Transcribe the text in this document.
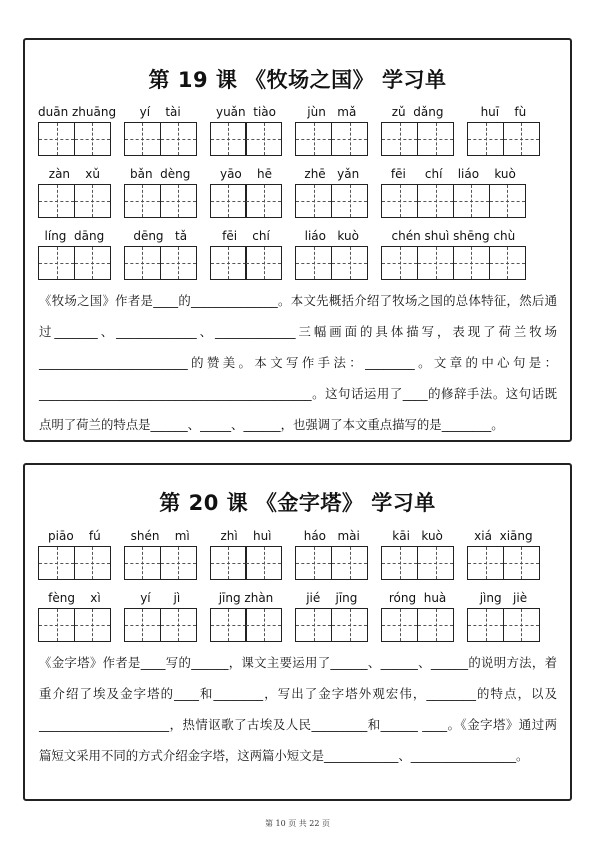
第 19 课 《牧场之国》 学习单
duān zhuāng	yí    tài	yuǎn  tiào	jùn   mǎ	zǔ  dǎng	huī    fù
zàn    xǔ	bǎn  dèng	yāo    hē	zhē   yǎn	fēi     chí    liáo    kuò
líng  dāng	dēng   tǎ	fēi    chí	liáo   kuò	chén shuì shēng chù
《牧场之国》作者是____的______________。本文先概括介绍了牧场之国的总体特征，然后通过_______、_____________、_____________三幅画面的具体描写，表现了荷兰牧场________________________的赞美。本文写作手法：________。文章的中心句是：____________________________________________。这句话运用了____的修辞手法。这句话既点明了荷兰的特点是______、_____、______，也强调了本文重点描写的是________。
第 20 课 《金字塔》 学习单
piāo    fú	shén    mì	zhì    huì	háo   mài	kāi   kuò	xiá  xiāng
fèng    xì	yí      jì	jīng zhàn	jié    jīng	róng  huà	jìng   jiè
《金字塔》作者是____写的______，课文主要运用了______、______、______的说明方法，着重介绍了埃及金字塔的____和________，写出了金字塔外观宏伟，________的特点，以及_____________________，热情讴歌了古埃及人民_________和______ ____。《金字塔》通过两篇短文采用不同的方式介绍金字塔，这两篇小短文是____________、_________________。
第 10 页 共 22 页
